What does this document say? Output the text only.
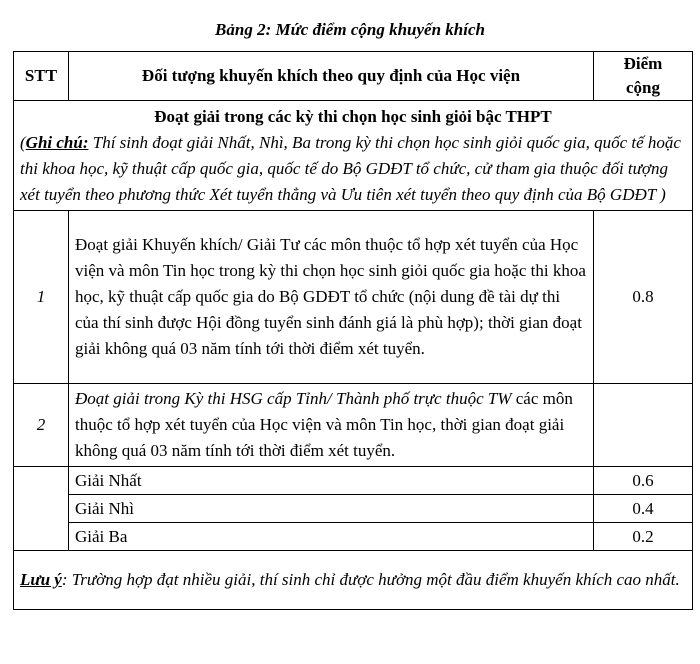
Bảng 2: Mức điểm cộng khuyến khích
STT	Đối tượng khuyến khích theo quy định của Học viện	Điểm
cộng

Đoạt giải trong các kỳ thi chọn học sinh giỏi bậc THPT
(Ghi chú: Thí sinh đoạt giải Nhất, Nhì, Ba trong kỳ thi chọn học sinh giỏi quốc gia, quốc tế hoặc thi khoa học, kỹ thuật cấp quốc gia, quốc tế do Bộ GDĐT tổ chức, cử tham gia thuộc đối tượng xét tuyển theo phương thức Xét tuyển thẳng và Ưu tiên xét tuyển theo quy định của Bộ GDĐT )		

1	Đoạt giải Khuyến khích/ Giải Tư các môn thuộc tổ hợp xét tuyển của Học viện và môn Tin học trong kỳ thi chọn học sinh giỏi quốc gia hoặc thi khoa học, kỹ thuật cấp quốc gia do Bộ GDĐT tổ chức (nội dung đề tài dự thi của thí sinh được Hội đồng tuyển sinh đánh giá là phù hợp); thời gian đoạt giải không quá 03 năm tính tới thời điểm xét tuyển.	0.8
2	Đoạt giải trong Kỳ thi HSG cấp Tỉnh/ Thành phố trực thuộc TW các môn thuộc tổ hợp xét tuyển của Học viện và môn Tin học, thời gian đoạt giải không quá 03 năm tính tới thời điểm xét tuyển.	
	Giải Nhất	0.6
	Giải Nhì	0.4
	Giải Ba	0.2
Lưu ý: Trường hợp đạt nhiều giải, thí sinh chỉ được hưởng một đầu điểm khuyến khích cao nhất.		
